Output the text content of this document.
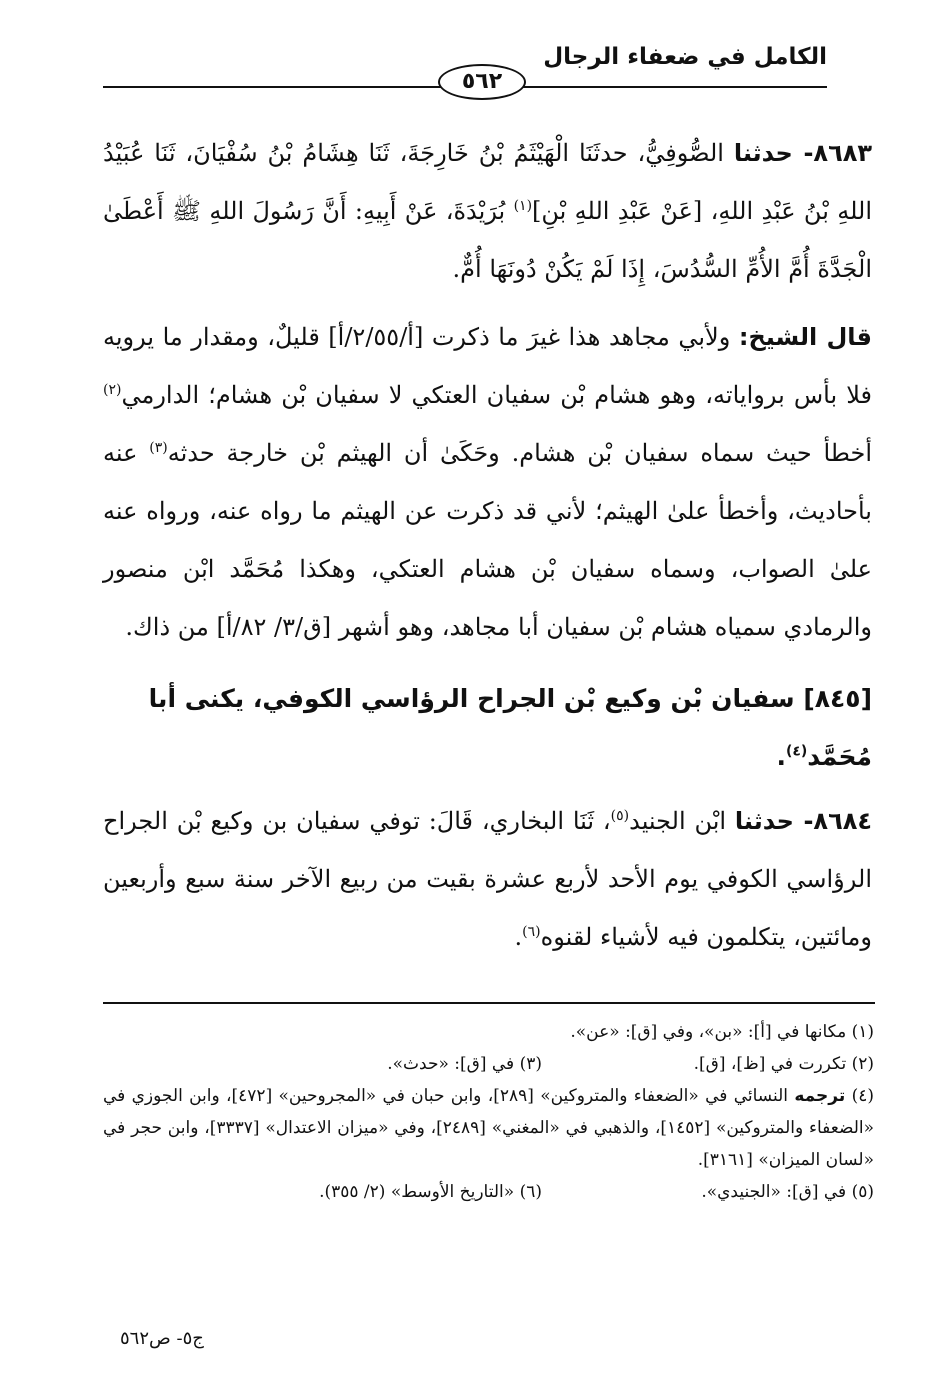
الكامل في ضعفاء الرجال
٥٦٢

٨٦٨٣- حدثنا الصُّوفِيُّ، حدثَنَا الْهَيْثَمُ بْنُ خَارِجَةَ، ثَنَا هِشَامُ بْنُ سُفْيَانَ، ثَنَا عُبَيْدُ اللهِ بْنُ عَبْدِ اللهِ، [عَنْ عَبْدِ اللهِ بْنِ]$^{(١)}$ بُرَيْدَةَ، عَنْ أَبِيهِ: أَنَّ رَسُولَ اللهِ ﷺ أَعْطَىٰ الْجَدَّةَ أُمَّ الأُمِّ السُّدُسَ، إِذَا لَمْ يَكُنْ دُونَهَا أُمٌّ.

قال الشيخ: ولأبي مجاهد هذا غيرَ ما ذكرت [أ/٢/٥٥/أ] قليلٌ، ومقدار ما يرويه فلا بأس برواياته، وهو هشام بْن سفيان العتكي لا سفيان بْن هشام؛ الدارمي$^{(٢)}$ أخطأ حيث سماه سفيان بْن هشام. وحَكَىٰ أن الهيثم بْن خارجة حدثه$^{(٣)}$ عنه بأحاديث، وأخطأ علىٰ الهيثم؛ لأني قد ذكرت عن الهيثم ما رواه عنه، ورواه عنه علىٰ الصواب، وسماه سفيان بْن هشام العتكي، وهكذا مُحَمَّد ابْن منصور والرمادي سمياه هشام بْن سفيان أبا مجاهد، وهو أشهر [ق/٣/ ٨٢/أ] من ذاك.

[٨٤٥] سفيان بْن وكيع بْن الجراح الرؤاسي الكوفي، يكنى أبا مُحَمَّد$^{(٤)}$.

٨٦٨٤- حدثنا ابْن الجنيد$^{(٥)}$، ثَنَا البخاري، قَالَ: توفي سفيان بن وكيع بْن الجراح الرؤاسي الكوفي يوم الأحد لأربع عشرة بقيت من ربيع الآخر سنة سبع وأربعين ومائتين، يتكلمون فيه لأشياء لقنوه$^{(٦)}$.

(١) مكانها في [أ]: «بن»، وفي [ق]: «عن».
(٢) تكررت في [ظ]، [ق].
(٣) في [ق]: «حدث».
(٤) ترجمه النسائي في «الضعفاء والمتروكين» [٢٨٩]، وابن حبان في «المجروحين» [٤٧٢]، وابن الجوزي في «الضعفاء والمتروكين» [١٤٥٢]، والذهبي في «المغني» [٢٤٨٩]، وفي «ميزان الاعتدال» [٣٣٣٧]، وابن حجر في «لسان الميزان» [٣١٦١].
(٥) في [ق]: «الجنيدي».
(٦) «التاريخ الأوسط» (٢/ ٣٥٥).
ج٥- ص٥٦٢
